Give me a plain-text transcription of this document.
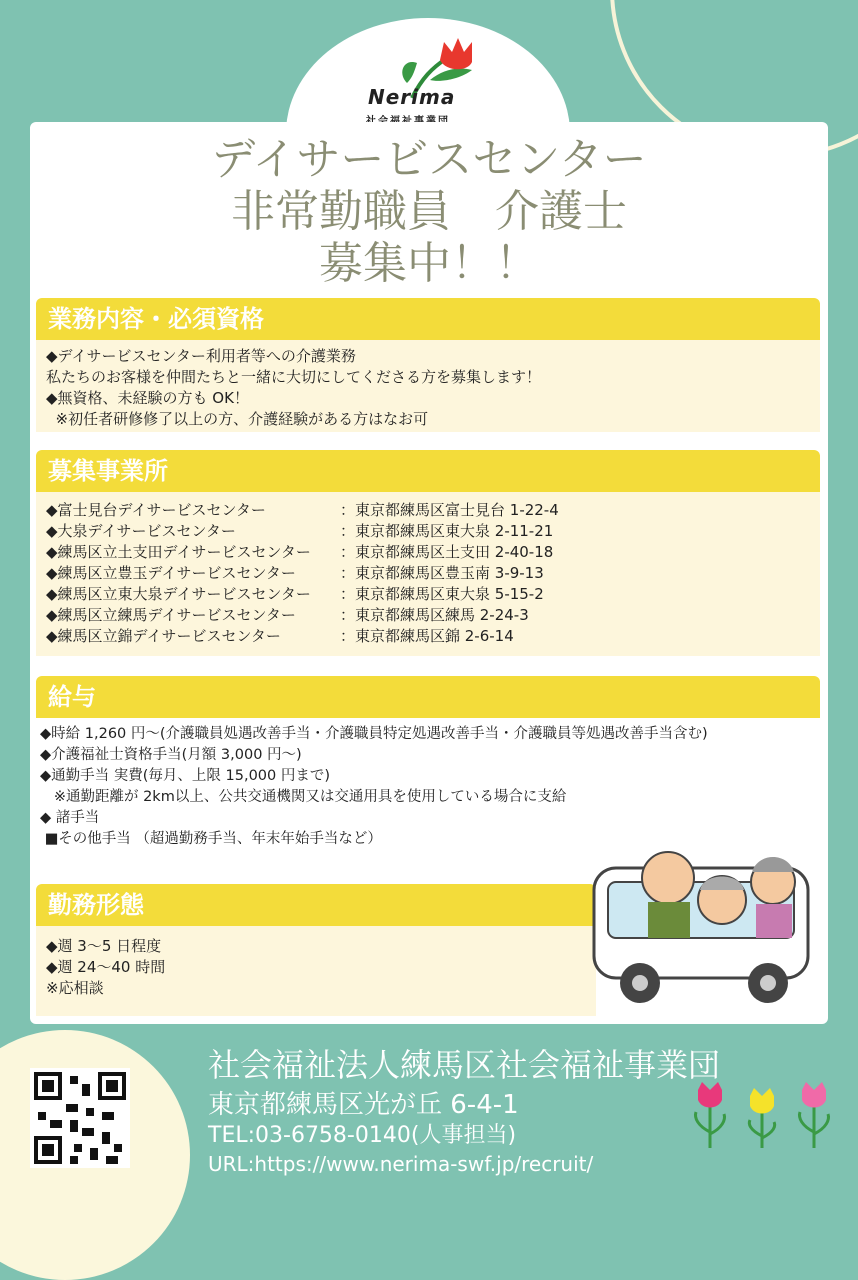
Nerima
デイサービスセンター
非常勤職員　介護士
募集中！！
業務内容・必須資格
◆デイサービスセンター利用者等への介護業務
私たちのお客様を仲間たちと一緒に大切にしてくださる方を募集します！
◆無資格、未経験の方も OK！
※初任者研修修了以上の方、介護経験がある方はなお可
募集事業所
◆富士見台デイサービスセンター	：東京都練馬区富士見台 1-22-4
◆大泉デイサービスセンター	：東京都練馬区東大泉 2-11-21
◆練馬区立土支田デイサービスセンター	：東京都練馬区土支田 2-40-18
◆練馬区立豊玉デイサービスセンター	：東京都練馬区豊玉南 3-9-13
◆練馬区立東大泉デイサービスセンター	：東京都練馬区東大泉 5-15-2
◆練馬区立練馬デイサービスセンター	：東京都練馬区練馬 2-24-3
◆練馬区立錦デイサービスセンター	：東京都練馬区錦 2-6-14
給与
◆時給 1,260 円～(介護職員処遇改善手当・介護職員特定処遇改善手当・介護職員等処遇改善手当含む)
◆介護福祉士資格手当(月額 3,000 円～)
◆通勤手当 実費(毎月、上限 15,000 円まで)
※通勤距離が 2km以上、公共交通機関又は交通用具を使用している場合に支給
◆ 諸手当
■その他手当 （超過勤務手当、年末年始手当など）
勤務形態
◆週 3～5 日程度
◆週 24～40 時間
※応相談
社会福祉法人練馬区社会福祉事業団
東京都練馬区光が丘 6-4-1
TEL:03-6758-0140(人事担当)
URL:https://www.nerima-swf.jp/recruit/
